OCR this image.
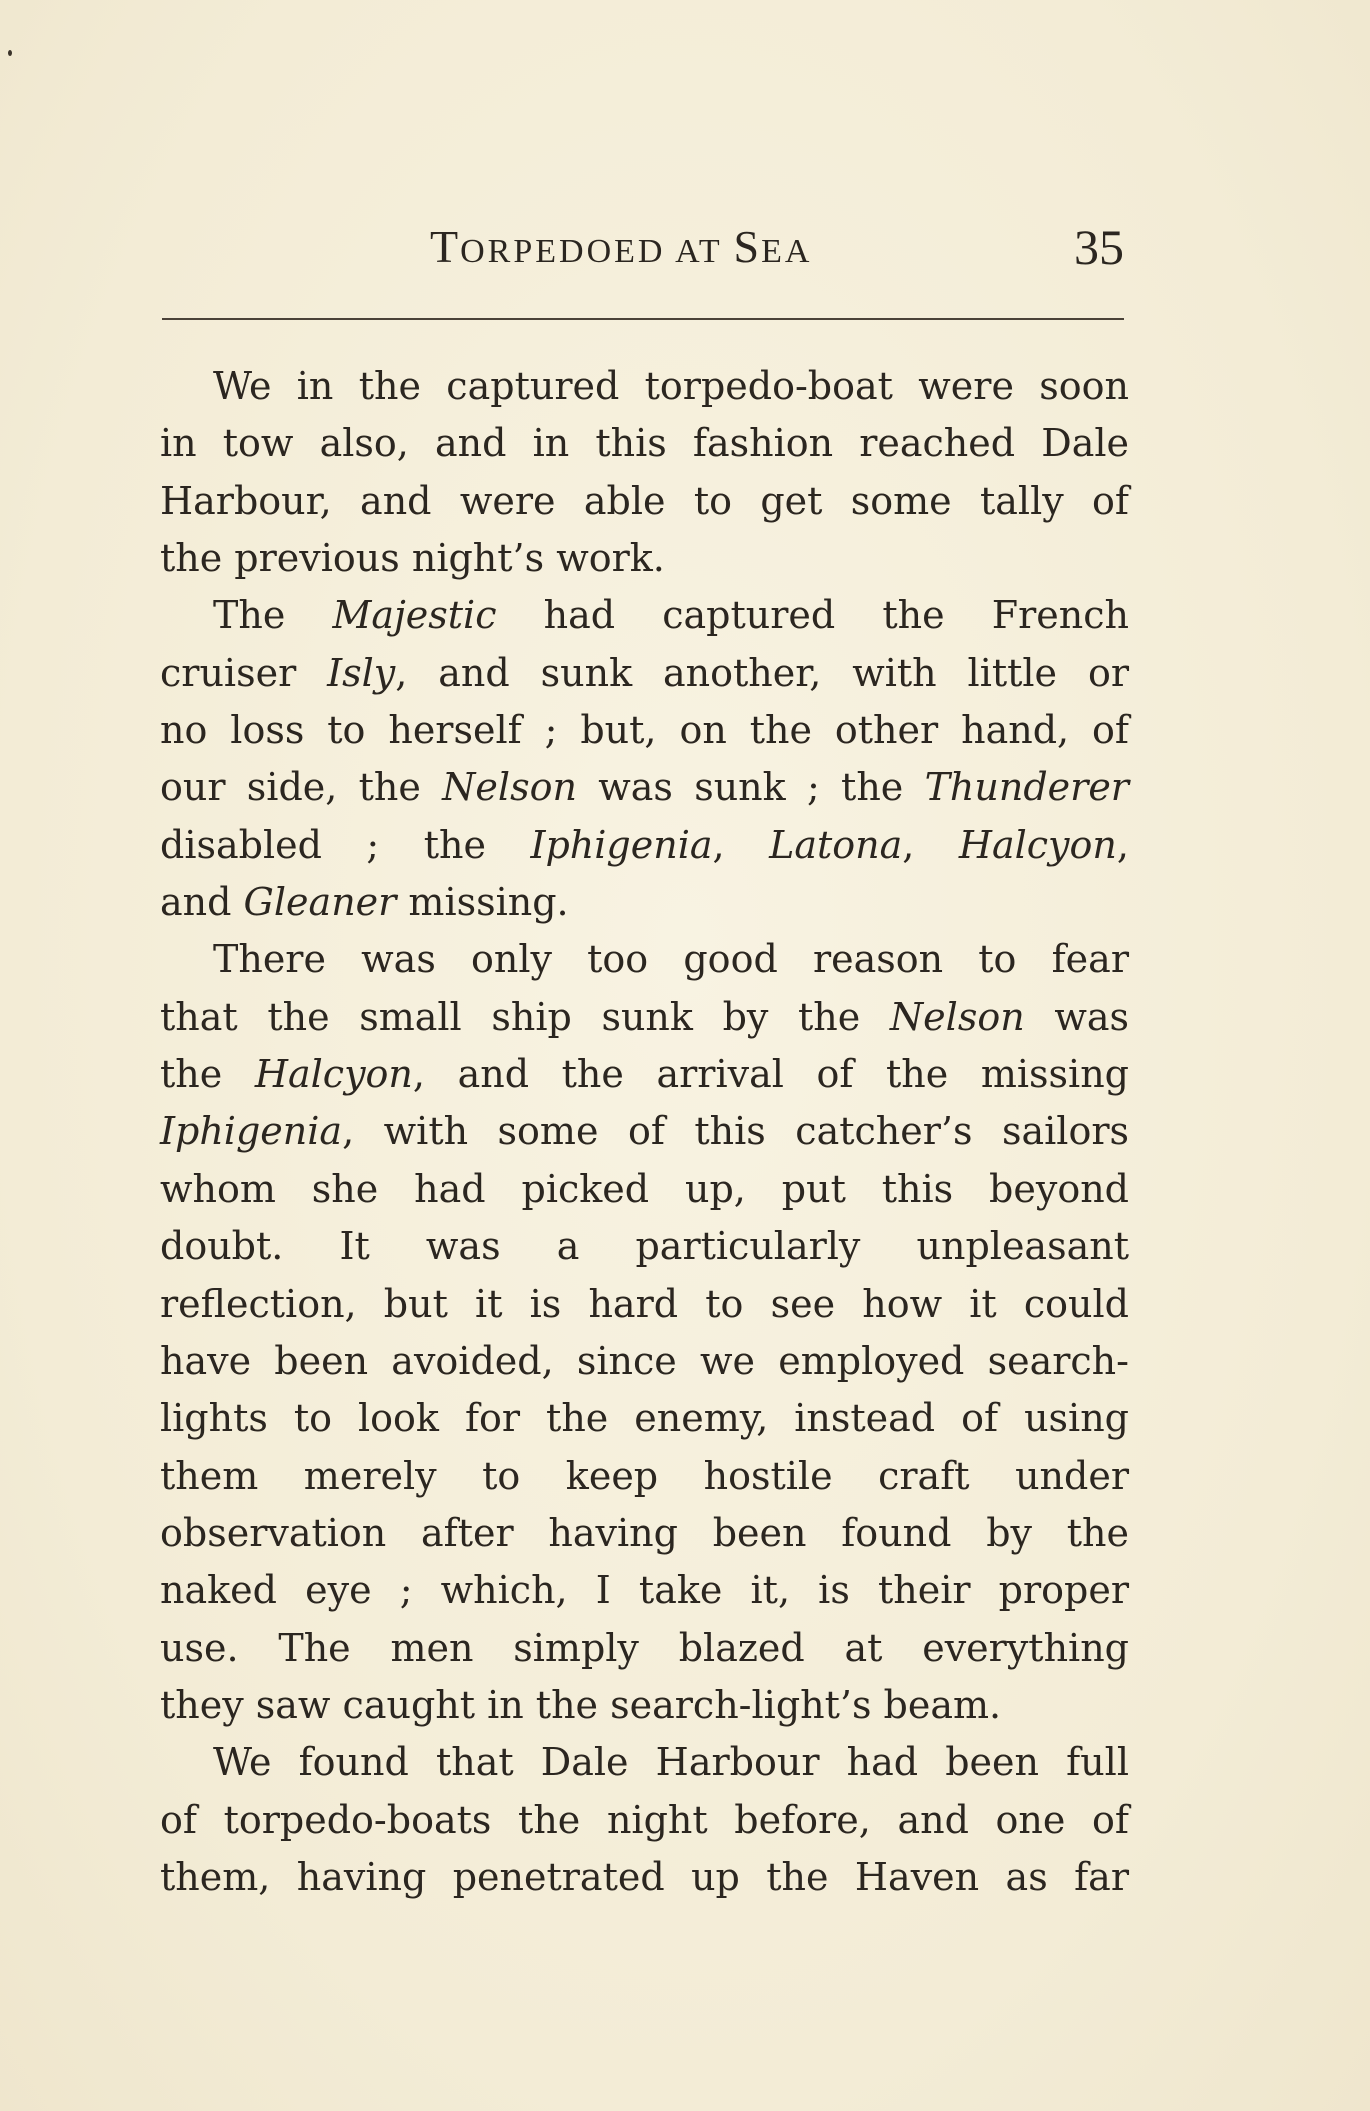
TORPEDOED AT SEA	35
We in the captured torpedo-boat were soon
in tow also, and in this fashion reached Dale
Harbour, and were able to get some tally of
the previous night’s work.
The Majestic had captured the French
cruiser Isly, and sunk another, with little or
no loss to herself ; but, on the other hand, of
our side, the Nelson was sunk ; the Thunderer
disabled ; the Iphigenia, Latona, Halcyon,
and Gleaner missing.
There was only too good reason to fear
that the small ship sunk by the Nelson was
the Halcyon, and the arrival of the missing
Iphigenia, with some of this catcher’s sailors
whom she had picked up, put this beyond
doubt. It was a particularly unpleasant
reflection, but it is hard to see how it could
have been avoided, since we employed search-
lights to look for the enemy, instead of using
them merely to keep hostile craft under
observation after having been found by the
naked eye ; which, I take it, is their proper
use. The men simply blazed at everything
they saw caught in the search-light’s beam.
We found that Dale Harbour had been full
of torpedo-boats the night before, and one of
them, having penetrated up the Haven as far
